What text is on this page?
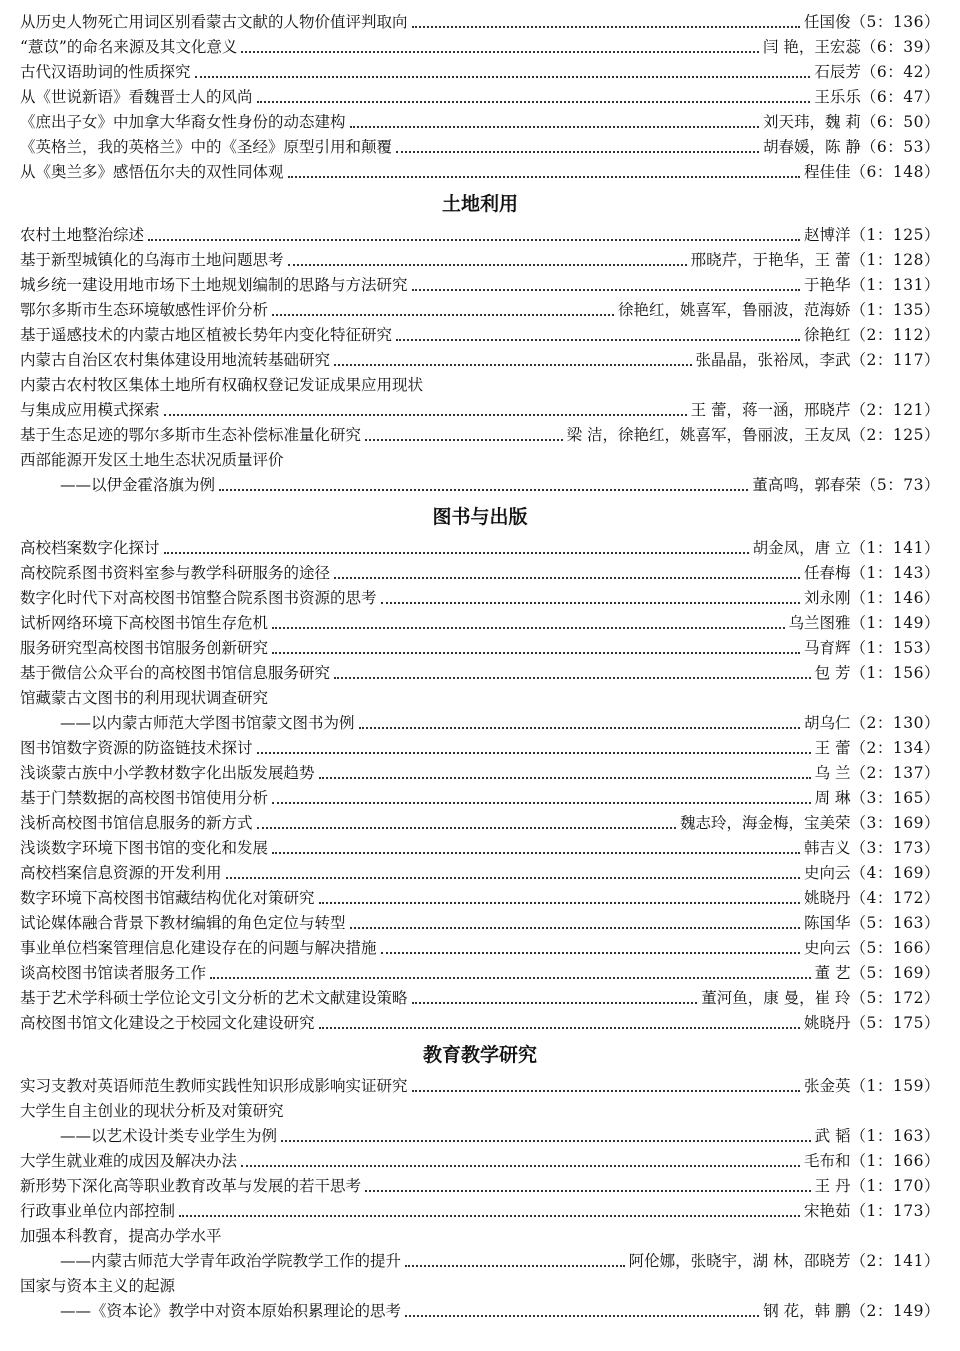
从历史人物死亡用词区别看蒙古文献的人物价值评判取向	任国俊 （5：136）
“薏苡”的命名来源及其文化意义	闫 艳，王宏蕊 （6：39）
古代汉语助词的性质探究	石辰芳 （6：42）
从《世说新语》看魏晋士人的风尚	王乐乐 （6：47）
《庶出子女》中加拿大华裔女性身份的动态建构	刘天玮，魏 莉 （6：50）
《英格兰，我的英格兰》中的《圣经》原型引用和颠覆	胡春媛，陈 静 （6：53）
从《奥兰多》感悟伍尔夫的双性同体观	程佳佳 （6：148）
土地利用
农村土地整治综述	赵博洋 （1：125）
基于新型城镇化的乌海市土地问题思考	邢晓芹，于艳华，王 蕾 （1：128）
城乡统一建设用地市场下土地规划编制的思路与方法研究	于艳华 （1：131）
鄂尔多斯市生态环境敏感性评价分析	徐艳红，姚喜军，鲁丽波，范海娇 （1：135）
基于遥感技术的内蒙古地区植被长势年内变化特征研究	徐艳红 （2：112）
内蒙古自治区农村集体建设用地流转基础研究	张晶晶，张裕凤，李武 （2：117）
内蒙古农村牧区集体土地所有权确权登记发证成果应用现状
与集成应用模式探索	王 蕾，蒋一涵，邢晓芹 （2：121）
基于生态足迹的鄂尔多斯市生态补偿标准量化研究	梁 洁，徐艳红，姚喜军，鲁丽波，王友凤 （2：125）
西部能源开发区土地生态状况质量评价
——以伊金霍洛旗为例	董高鸣，郭春荣 （5：73）
图书与出版
高校档案数字化探讨	胡金凤，唐 立 （1：141）
高校院系图书资料室参与教学科研服务的途径	任春梅 （1：143）
数字化时代下对高校图书馆整合院系图书资源的思考	刘永刚 （1：146）
试析网络环境下高校图书馆生存危机	乌兰图雅 （1：149）
服务研究型高校图书馆服务创新研究	马育辉 （1：153）
基于微信公众平台的高校图书馆信息服务研究	包 芳 （1：156）
馆藏蒙古文图书的利用现状调查研究
——以内蒙古师范大学图书馆蒙文图书为例	胡乌仁 （2：130）
图书馆数字资源的防盗链技术探讨	王 蕾 （2：134）
浅谈蒙古族中小学教材数字化出版发展趋势	乌 兰 （2：137）
基于门禁数据的高校图书馆使用分析	周 琳 （3：165）
浅析高校图书馆信息服务的新方式	魏志玲，海金梅，宝美荣 （3：169）
浅谈数字环境下图书馆的变化和发展	韩吉义 （3：173）
高校档案信息资源的开发利用	史向云 （4：169）
数字环境下高校图书馆藏结构优化对策研究	姚晓丹 （4：172）
试论媒体融合背景下教材编辑的角色定位与转型	陈国华 （5：163）
事业单位档案管理信息化建设存在的问题与解决措施	史向云 （5：166）
谈高校图书馆读者服务工作	董 艺 （5：169）
基于艺术学科硕士学位论文引文分析的艺术文献建设策略	董河鱼，康 曼，崔 玲 （5：172）
高校图书馆文化建设之于校园文化建设研究	姚晓丹 （5：175）
教育教学研究
实习支教对英语师范生教师实践性知识形成影响实证研究	张金英 （1：159）
大学生自主创业的现状分析及对策研究
——以艺术设计类专业学生为例	武 韬 （1：163）
大学生就业难的成因及解决办法	毛布和 （1：166）
新形势下深化高等职业教育改革与发展的若干思考	王 丹 （1：170）
行政事业单位内部控制	宋艳茹 （1：173）
加强本科教育，提高办学水平
——内蒙古师范大学青年政治学院教学工作的提升	阿伦娜，张晓宇，湖 林，邵晓芳 （2：141）
国家与资本主义的起源
——《资本论》教学中对资本原始积累理论的思考	钢 花，韩 鹏 （2：149）
